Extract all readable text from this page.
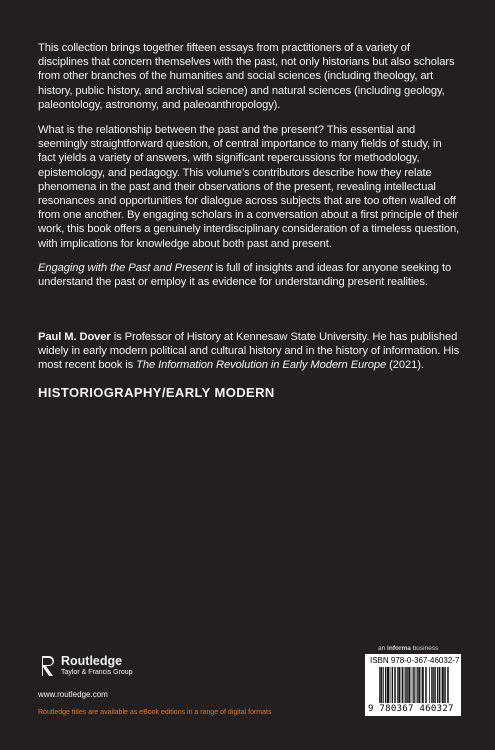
This collection brings together fifteen essays from practitioners of a variety of disciplines that concern themselves with the past, not only historians but also scholars from other branches of the humanities and social sciences (including theology, art history, public history, and archival science) and natural sciences (including geology, paleontology, astronomy, and paleoanthropology).

What is the relationship between the past and the present? This essential and seemingly straightforward question, of central importance to many fields of study, in fact yields a variety of answers, with significant repercussions for methodology, epistemology, and pedagogy. This volume’s contributors describe how they relate phenomena in the past and their observations of the present, revealing intellectual resonances and opportunities for dialogue across subjects that are too often walled off from one another. By engaging scholars in a conversation about a first principle of their work, this book offers a genuinely interdisciplinary consideration of a timeless question, with implications for knowledge about both past and present.

Engaging with the Past and Present is full of insights and ideas for anyone seeking to understand the past or employ it as evidence for understanding present realities.

Paul M. Dover is Professor of History at Kennesaw State University. He has published widely in early modern political and cultural history and in the history of information. His most recent book is The Information Revolution in Early Modern Europe (2021).

HISTORIOGRAPHY/EARLY MODERN
Routledge
Taylor & Francis Group
www.routledge.com
Routledge titles are available as eBook editions in a range of digital formats
an informa business
ISBN 978-0-367-46032-7
9 780367 460327
